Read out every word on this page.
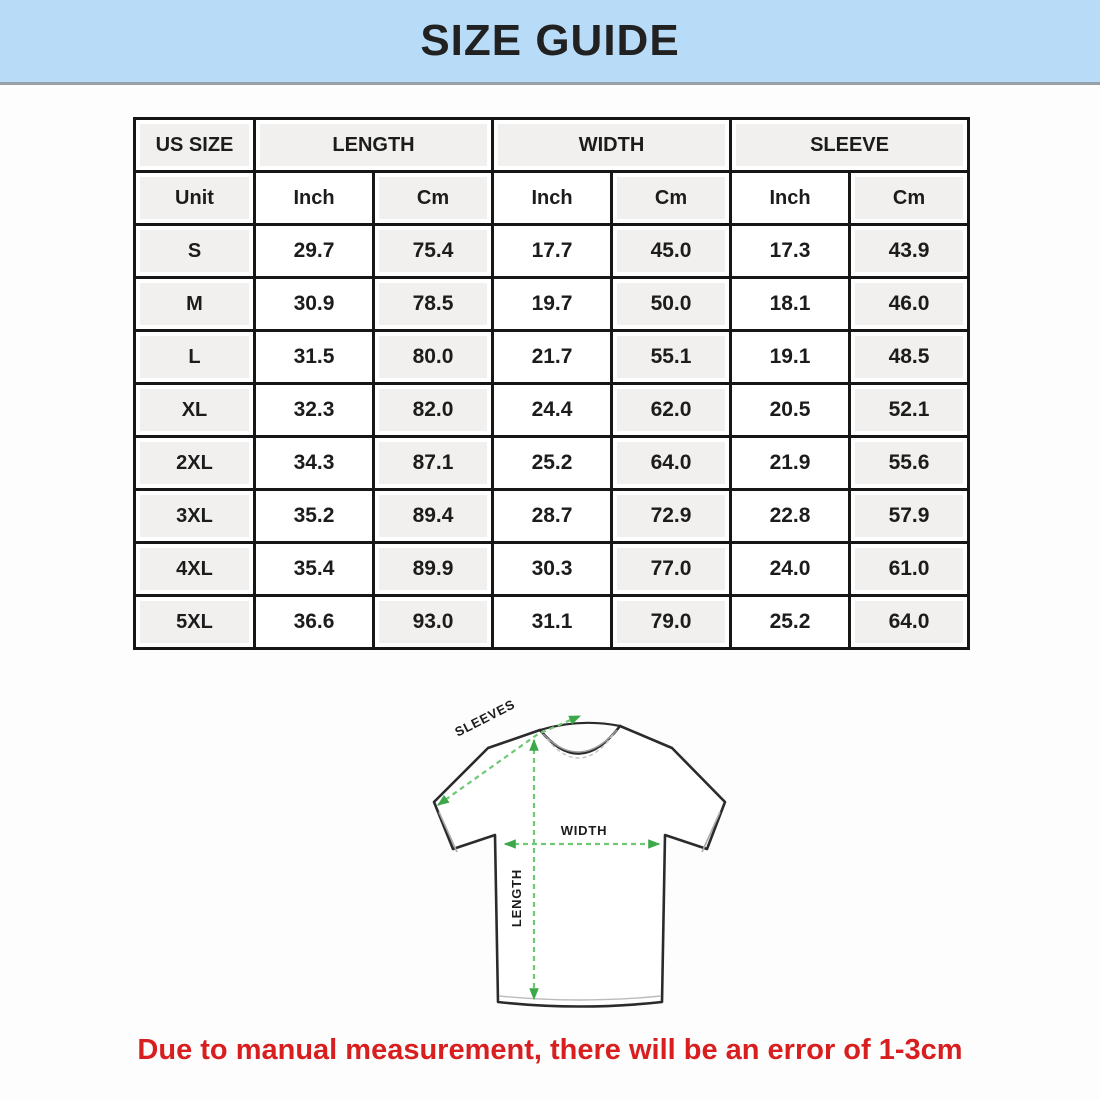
SIZE GUIDE
US SIZE	LENGTH		WIDTH		SLEEVE	

Unit	Inch	Cm	Inch	Cm	Inch	Cm

S	29.7	75.4	17.7	45.0	17.3	43.9

M	30.9	78.5	19.7	50.0	18.1	46.0

L	31.5	80.0	21.7	55.1	19.1	48.5

XL	32.3	82.0	24.4	62.0	20.5	52.1

2XL	34.3	87.1	25.2	64.0	21.9	55.6

3XL	35.2	89.4	28.7	72.9	22.8	57.9

4XL	35.4	89.9	30.3	77.0	24.0	61.0

5XL	36.6	93.0	31.1	79.0	25.2	64.0
SLEEVES
WIDTH
LENGTH
Due to manual measurement, there will be an error of 1-3cm
